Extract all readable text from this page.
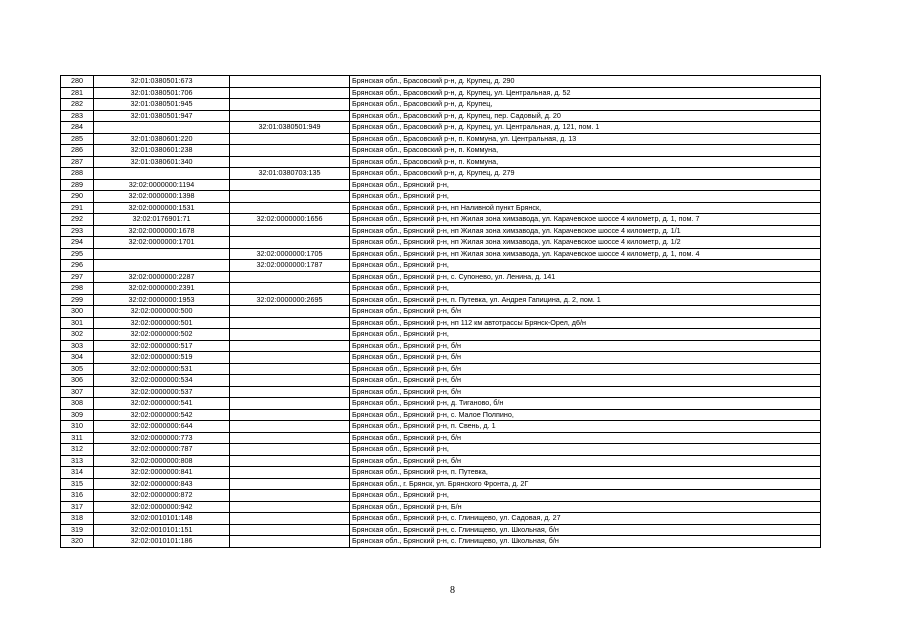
280	32:01:0380501:673		Брянская обл., Брасовский р-н, д. Крупец, д. 290
281	32:01:0380501:706		Брянская обл., Брасовский р-н, д. Крупец, ул. Центральная, д. 52
282	32:01:0380501:945		Брянская обл., Брасовский р-н, д. Крупец,
283	32:01:0380501:947		Брянская обл., Брасовский р-н, д. Крупец, пер. Садовый, д. 20
284		32:01:0380501:949	Брянская обл., Брасовский р-н, д. Крупец, ул. Центральная, д. 121, пом. 1
285	32:01:0380601:220		Брянская обл., Брасовский р-н, п. Коммуна, ул. Центральная, д. 13
286	32:01:0380601:238		Брянская обл., Брасовский р-н, п. Коммуна,
287	32:01:0380601:340		Брянская обл., Брасовский р-н, п. Коммуна,
288		32:01:0380703:135	Брянская обл., Брасовский р-н, д. Крупец, д. 279
289	32:02:0000000:1194		Брянская обл., Брянский р-н,
290	32:02:0000000:1398		Брянская обл., Брянский р-н,
291	32:02:0000000:1531		Брянская обл., Брянский р-н, нп Наливной пункт Брянск,
292	32:02:0176901:71	32:02:0000000:1656	Брянская обл., Брянский р-н, нп Жилая зона химзавода, ул. Карачевское шоссе 4 километр, д. 1, пом. 7
293	32:02:0000000:1678		Брянская обл., Брянский р-н, нп Жилая зона химзавода, ул. Карачевское шоссе 4 километр, д. 1/1
294	32:02:0000000:1701		Брянская обл., Брянский р-н, нп Жилая зона химзавода, ул. Карачевское шоссе 4 километр, д. 1/2
295		32:02:0000000:1705	Брянская обл., Брянский р-н, нп Жилая зона химзавода, ул. Карачевское шоссе 4 километр, д. 1, пом. 4
296		32:02:0000000:1787	Брянская обл., Брянский р-н,
297	32:02:0000000:2287		Брянская обл., Брянский р-н, с. Супонево, ул. Ленина, д. 141
298	32:02:0000000:2391		Брянская обл., Брянский р-н,
299	32:02:0000000:1953	32:02:0000000:2695	Брянская обл., Брянский р-н, п. Путевка, ул. Андрея Гапицина, д. 2, пом. 1
300	32:02:0000000:500		Брянская обл., Брянский р-н, б/н
301	32:02:0000000:501		Брянская обл., Брянский р-н, нп 112 км автотрассы Брянск-Орел, д6/н
302	32:02:0000000:502		Брянская обл., Брянский р-н,
303	32:02:0000000:517		Брянская обл., Брянский р-н, б/н
304	32:02:0000000:519		Брянская обл., Брянский р-н, б/н
305	32:02:0000000:531		Брянская обл., Брянский р-н, б/н
306	32:02:0000000:534		Брянская обл., Брянский р-н, б/н
307	32:02:0000000:537		Брянская обл., Брянский р-н, б/н
308	32:02:0000000:541		Брянская обл., Брянский р-н, д. Тиганово, б/н
309	32:02:0000000:542		Брянская обл., Брянский р-н, с. Малое Полпино,
310	32:02:0000000:644		Брянская обл., Брянский р-н, п. Свень, д. 1
311	32:02:0000000:773		Брянская обл., Брянский р-н, б/н
312	32:02:0000000:787		Брянская обл., Брянский р-н,
313	32:02:0000000:808		Брянская обл., Брянский р-н, б/н
314	32:02:0000000:841		Брянская обл., Брянский р-н, п. Путевка,
315	32:02:0000000:843		Брянская обл., г. Брянск, ул. Брянского Фронта, д. 2Г
316	32:02:0000000:872		Брянская обл., Брянский р-н,
317	32:02:0000000:942		Брянская обл., Брянский р-н, Б/н
318	32:02:0010101:148		Брянская обл., Брянский р-н, с. Глинищево, ул. Садовая, д. 27
319	32:02:0010101:151		Брянская обл., Брянский р-н, с. Глинищево, ул. Школьная, б/н
320	32:02:0010101:186		Брянская обл., Брянский р-н, с. Глинищево, ул. Школьная, б/н
8
